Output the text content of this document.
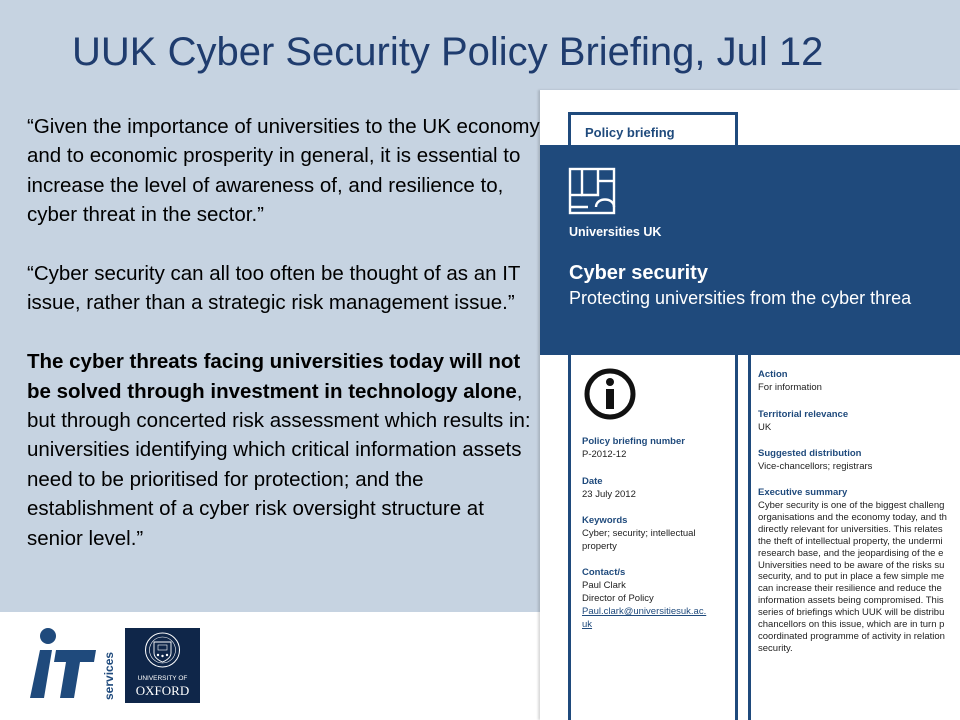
UUK Cyber Security Policy Briefing, Jul 12

“Given the importance of universities to the UK economy and to economic prosperity in general, it is essential to increase the level of awareness of, and resilience to, cyber threat in the sector.”

“Cyber security can all too often be thought of as an IT issue, rather than a strategic risk management issue.”

The cyber threats facing universities today will not be solved through investment in technology alone, but through concerted risk assessment which results in: universities identifying which critical information assets need to be prioritised for protection; and the establishment of a cyber risk oversight structure at senior level.”

Policy briefing
Universities UK
Cyber security
Protecting universities from the cyber threa
Policy briefing number
P-2012-12
Date
23 July 2012
Keywords
Cyber; security; intellectual
property
Contact/s
Paul Clark
Director of Policy
Paul.clark@universitiesuk.ac.
uk
Action
For information
Territorial relevance
UK
Suggested distribution
Vice-chancellors; registrars
Executive summary
Cyber security is one of the biggest challeng
organisations and the economy today, and th
directly relevant for universities. This relates
the theft of intellectual property, the undermi
research base, and the jeopardising of the e
Universities need to be aware of the risks su
security, and to put in place a few simple me
can increase their resilience and reduce the
information assets being compromised. This
series of briefings which UUK will be distribu
chancellors on this issue, which are in turn p
coordinated programme of activity in relation
security.
services	UNIVERSITY OF
OXFORD
